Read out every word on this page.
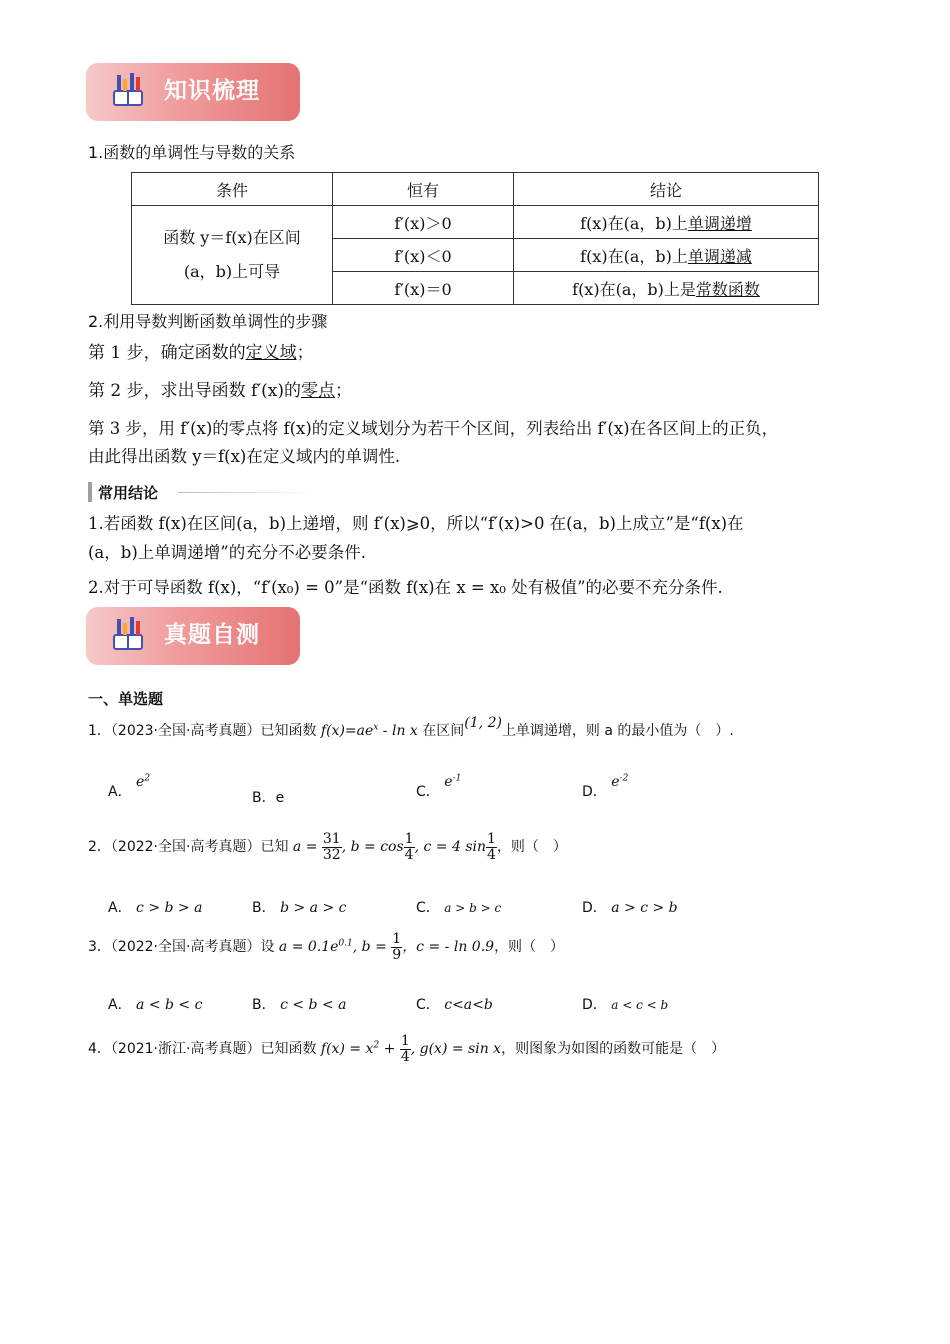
知识梳理
1.函数的单调性与导数的关系
条件	恒有	结论
函数 y＝f(x)在区间
(a，b)上可导	f′(x)＞0	f(x)在(a，b)上单调递增
	f′(x)＜0	f(x)在(a，b)上单调递减
	f′(x)＝0	f(x)在(a，b)上是常数函数
2.利用导数判断函数单调性的步骤
第 1 步，确定函数的定义域；
第 2 步，求出导函数 f′(x)的零点；
第 3 步，用 f′(x)的零点将 f(x)的定义域划分为若干个区间，列表给出 f′(x)在各区间上的正负，
由此得出函数 y＝f(x)在定义域内的单调性.
常用结论
1.若函数 f(x)在区间(a，b)上递增，则 f′(x)⩾0，所以“f′(x)>0 在(a，b)上成立”是“f(x)在
(a，b)上单调递增”的充分不必要条件.
2.对于可导函数 f(x)，“f′(x₀) = 0”是“函数 f(x)在 x = x₀ 处有极值”的必要不充分条件.
真题自测
一、单选题
1．（2023·全国·高考真题）已知函数 $f(x)=ae^x - \ln x$ 在区间(1, 2)上单调递增，则 a 的最小值为（　）.
A． $e^2$
B．e	C． $e^{-1}$
D． $e^{-2}$
2．（2022·全国·高考真题）已知 $a = \frac{31}{32}$ , $b = \cos \frac{1}{4}$ , c = 4 $\sin \frac{1}{4}$ ，则（　）
A． c > b > a	B． b > a > c	C． a > b > c	D． a > c > b
3．（2022·全国·高考真题）设 $a = 0.1e^{0.1}$, $b = \frac{1}{9}$ ，c = - ln 0.9，则（　）
A． a < b < c	B． c < b < a	C． c<a<b	D． a < c < b
4．（2021·浙江·高考真题）已知函数 $f(x) = x^2 + \frac{1}{4}$ , g(x) = sin x，则图象为如图的函数可能是（　）
